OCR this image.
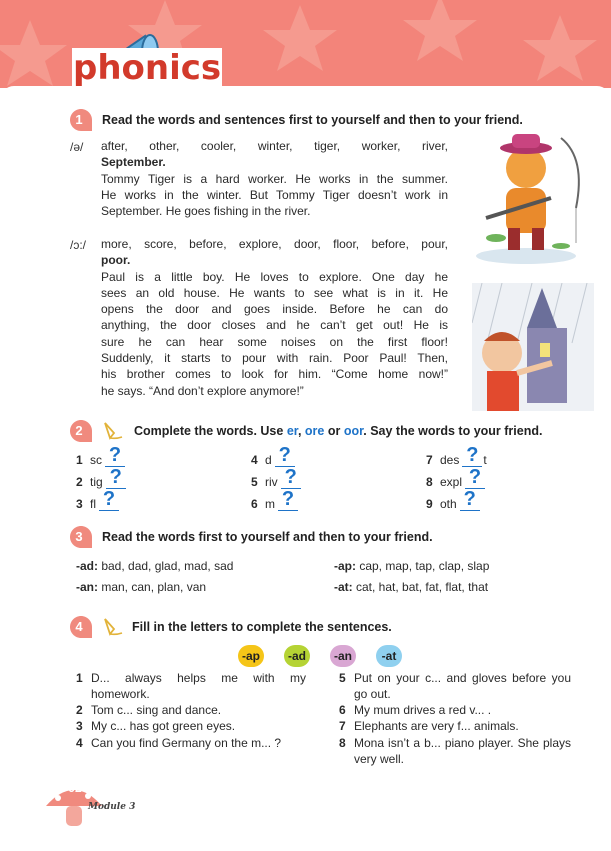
phonics
1	Read the words and sentences first to yourself and then to your friend.
/ə/ after, other, cooler, winter, tiger, worker, river,
September.
Tommy Tiger is a hard worker. He works in the summer.
He works in the winter. But Tommy Tiger doesn’t work in
September. He goes fishing in the river.
/ɔ:/ more, score, before, explore, door, floor, before, pour,
poor.
Paul is a little boy. He loves to explore. One day he
sees an old house. He wants to see what is in it. He
opens the door and goes inside. Before he can do
anything, the door closes and he can’t get out! He is
sure he can hear some noises on the first floor!
Suddenly, it starts to pour with rain. Poor Paul! Then,
his brother comes to look for him. “Come home now!”
he says. “And don’t explore anymore!”
2	Complete the words. Use er, ore or oor. Say the words to your friend.
1 sc ?
2 tig ?
3 fl ?
4 d ?
5 riv ?
6 m ?
7 des ? t
8 expl ?
9 oth ?
3	Read the words first to yourself and then to your friend.
-ad: bad, dad, glad, mad, sad
-an: man, can, plan, van
-ap: cap, map, tap, clap, slap
-at: cat, hat, bat, fat, flat, that
4	Fill in the letters to complete the sentences.
-ap	-ad	-an	-at
1 D... always helps me with my homework.
2 Tom c... sing and dance.
3 My c... has got green eyes.
4 Can you find Germany on the m... ?
5 Put on your c... and gloves before you go out.
6 My mum drives a red v... .
7 Elephants are very f... animals.
8 Mona isn’t a b... piano player. She plays very well.
92
Module 3
